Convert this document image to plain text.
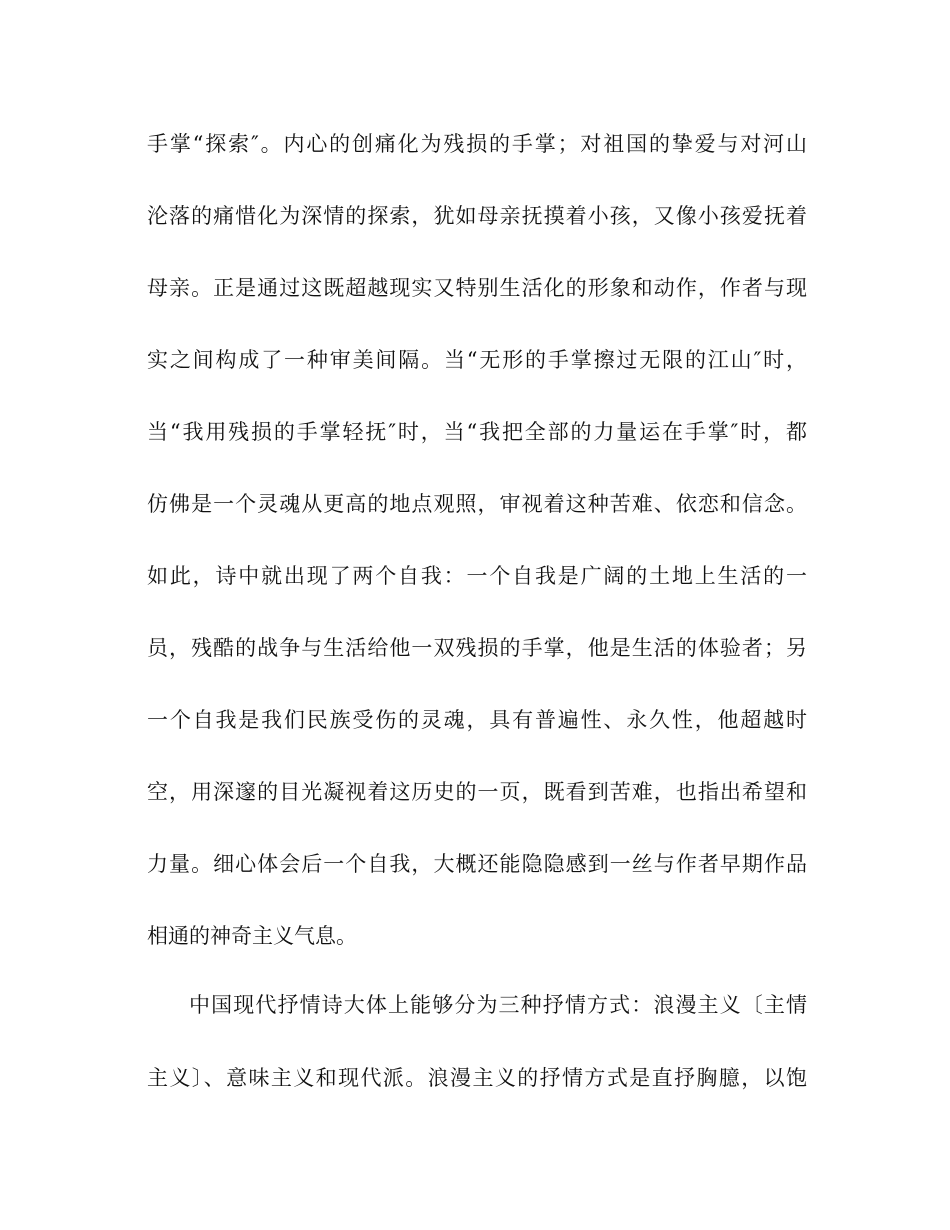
手掌“探索″。内心的创痛化为残损的手掌；对祖国的挚爱与对河山
沦落的痛惜化为深情的探索，犹如母亲抚摸着小孩，又像小孩爱抚着
母亲。正是通过这既超越现实又特别生活化的形象和动作，作者与现
实之间构成了一种审美间隔。当“无形的手掌擦过无限的江山″时，
当“我用残损的手掌轻抚″时，当“我把全部的力量运在手掌″时，都
仿佛是一个灵魂从更高的地点观照，审视着这种苦难、依恋和信念。
如此，诗中就出现了两个自我：一个自我是广阔的土地上生活的一
员，残酷的战争与生活给他一双残损的手掌，他是生活的体验者；另
一个自我是我们民族受伤的灵魂，具有普遍性、永久性，他超越时
空，用深邃的目光凝视着这历史的一页，既看到苦难，也指出希望和
力量。细心体会后一个自我，大概还能隐隐感到一丝与作者早期作品
相通的神奇主义气息。
中国现代抒情诗大体上能够分为三种抒情方式：浪漫主义〔主情
主义〕、意味主义和现代派。浪漫主义的抒情方式是直抒胸臆，以饱
